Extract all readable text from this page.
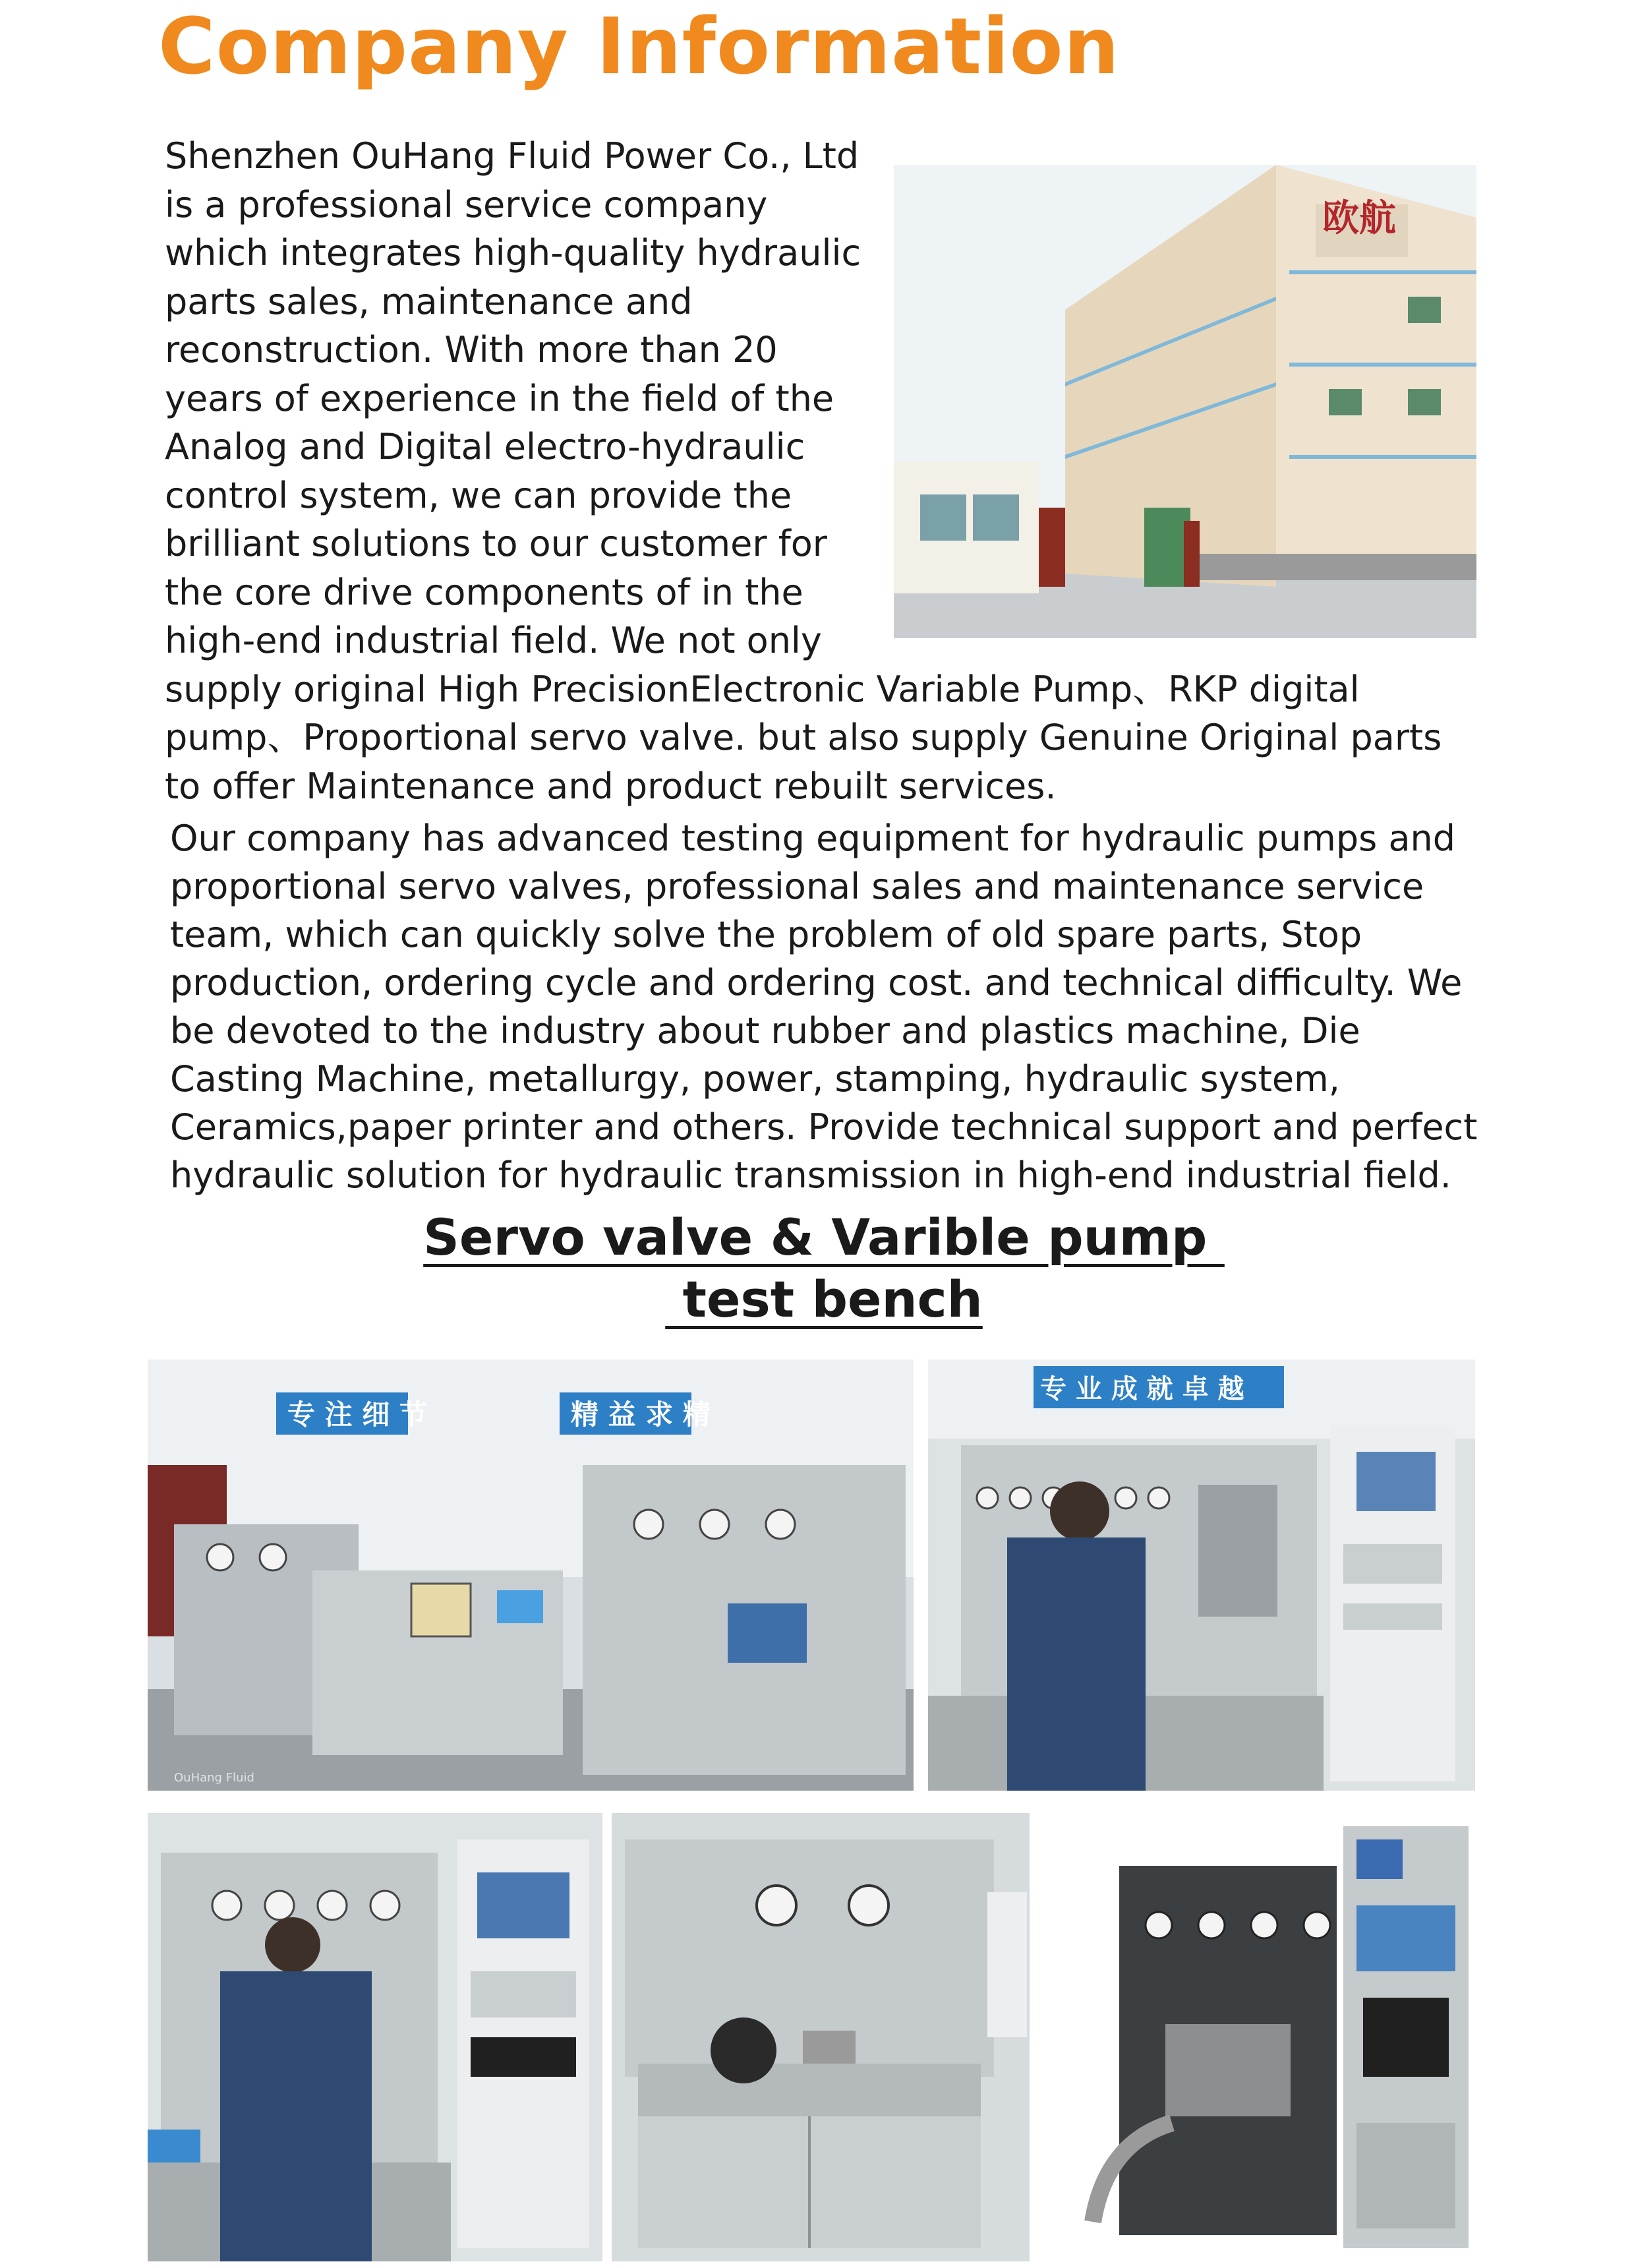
Company Information

欧航
Shenzhen OuHang Fluid Power Co., Ltd is a professional service company which integrates high-quality hydraulic parts sales, maintenance and reconstruction. With more than 20 years of experience in the field of the Analog and Digital electro-hydraulic control system, we can provide the brilliant solutions to our customer for the core drive components of in the high-end industrial field. We not only supply original High PrecisionElectronic Variable Pump、RKP digital pump、Proportional servo valve. but also supply Genuine Original parts to offer Maintenance and product rebuilt services.

Our company has advanced testing equipment for hydraulic pumps and proportional servo valves, professional sales and maintenance service team, which can quickly solve the problem of old spare parts, Stop production, ordering cycle and ordering cost. and technical difficulty. We be devoted to the industry about rubber and plastics machine, Die Casting Machine, metallurgy, power, stamping, hydraulic system, Ceramics,paper printer and others. Provide technical support and perfect hydraulic solution for hydraulic transmission in high-end industrial field.

Servo valve & Varible pump
test bench
专 注 细 节	精 益 求 精
OuHang Fluid
专 业 成 就 卓 越
